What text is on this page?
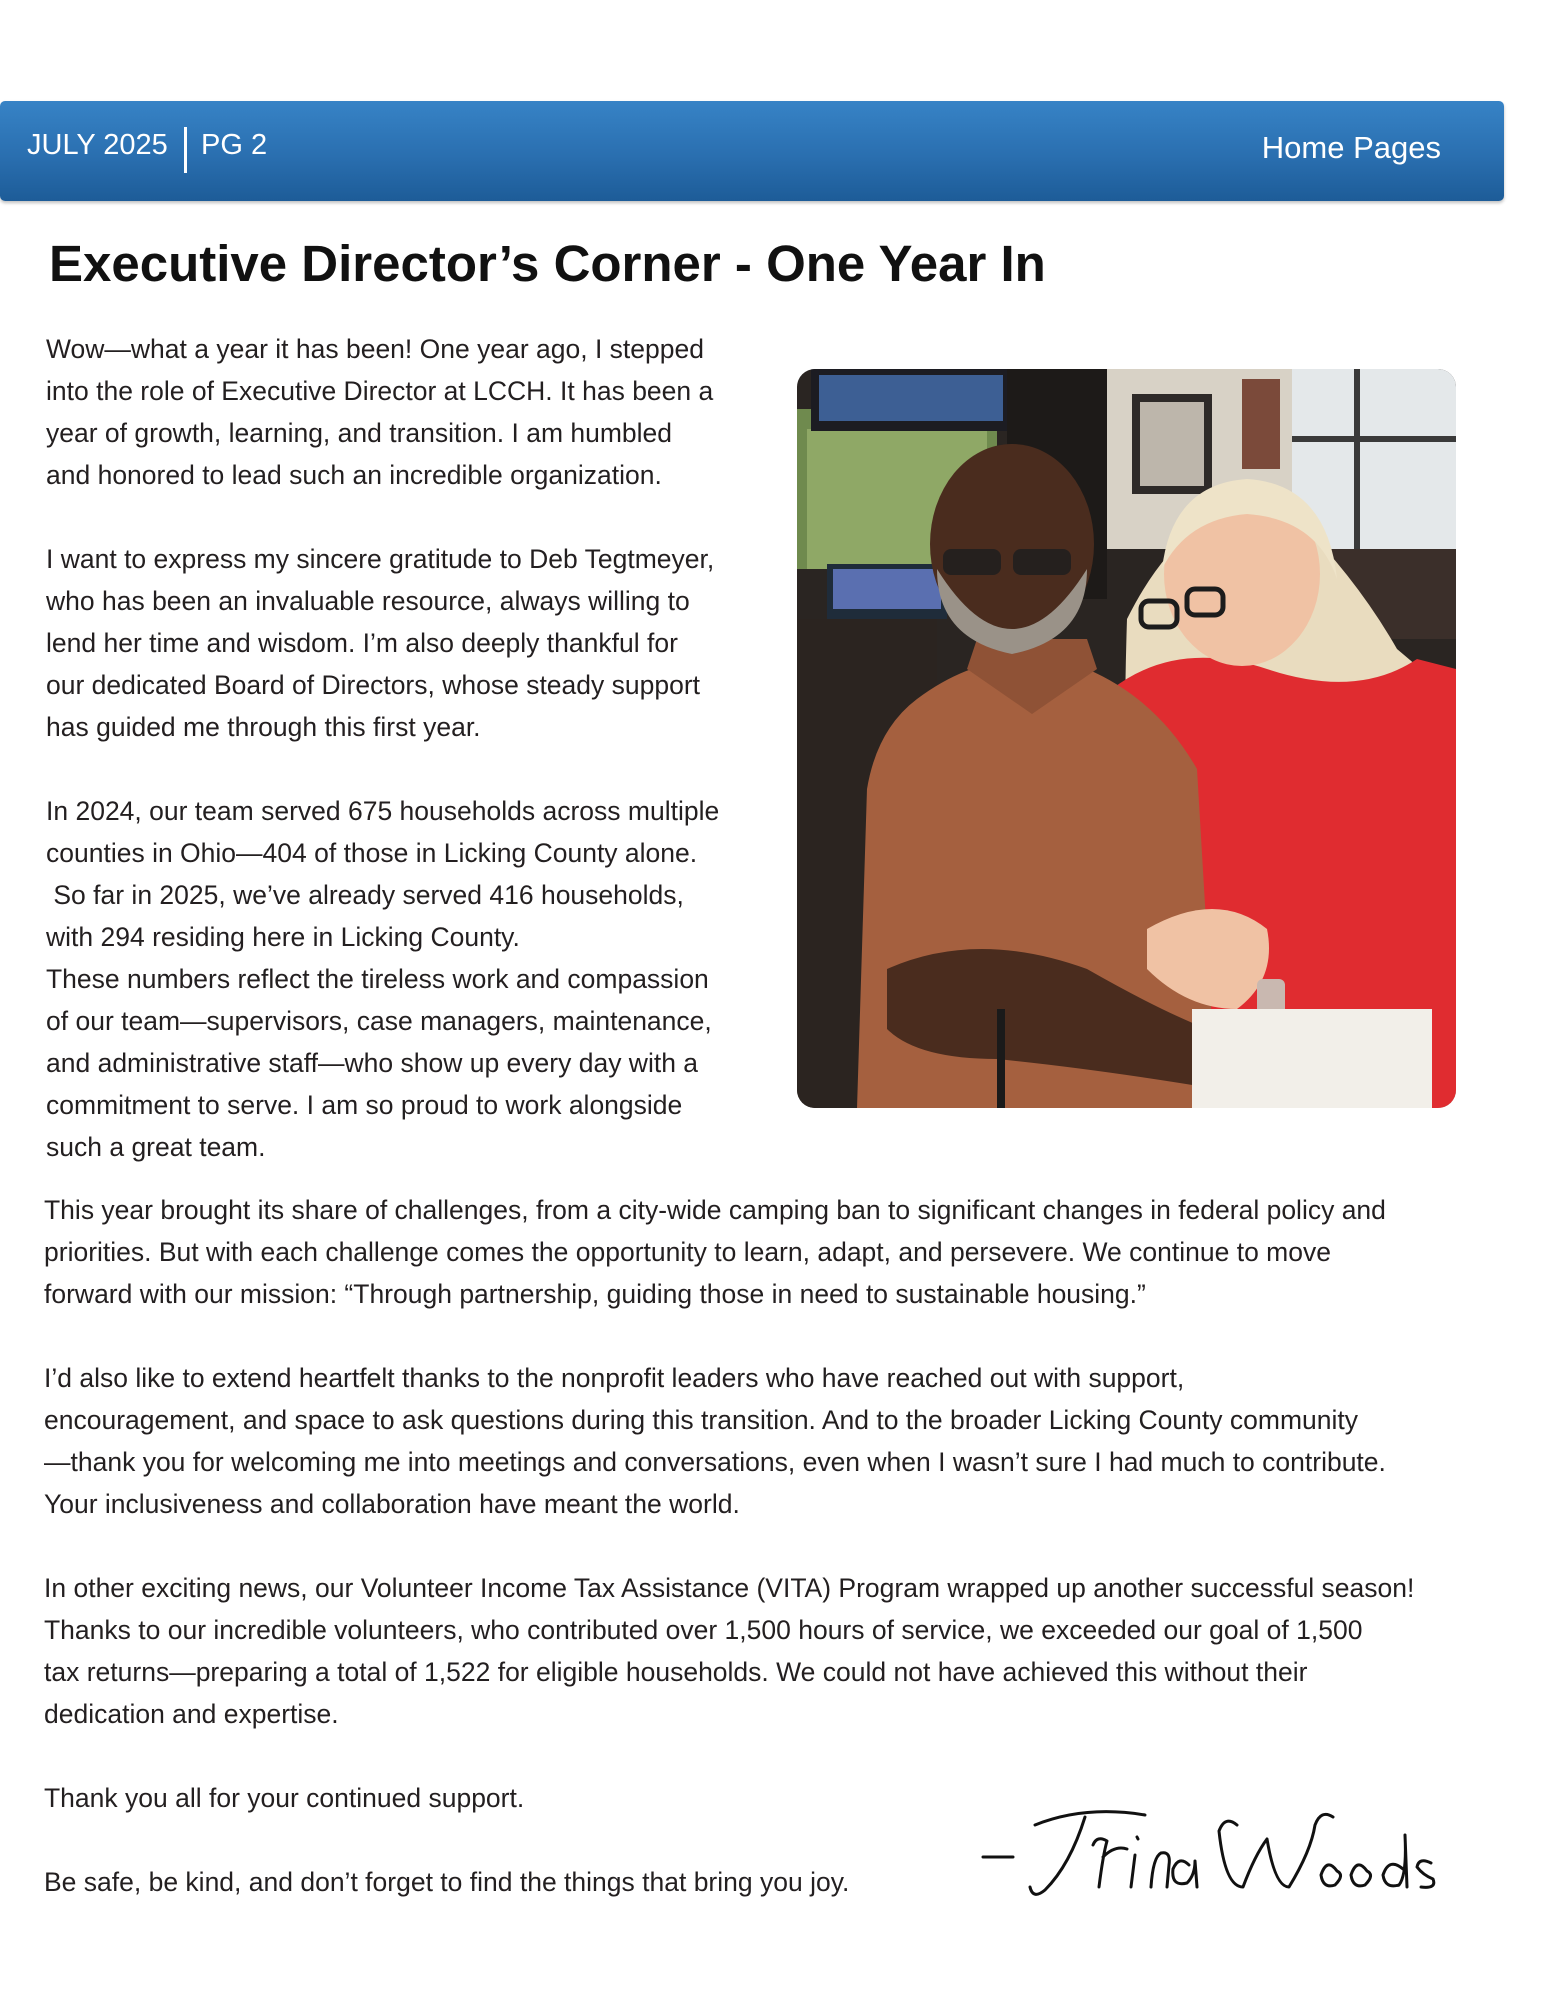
JULY 2025 PG 2	Home Pages
Executive Director’s Corner - One Year In

Wow—what a year it has been! One year ago, I stepped
into the role of Executive Director at LCCH. It has been a
year of growth, learning, and transition. I am humbled
and honored to lead such an incredible organization.

I want to express my sincere gratitude to Deb Tegtmeyer,
who has been an invaluable resource, always willing to
lend her time and wisdom. I’m also deeply thankful for
our dedicated Board of Directors, whose steady support
has guided me through this first year.

In 2024, our team served 675 households across multiple
counties in Ohio—404 of those in Licking County alone.
So far in 2025, we’ve already served 416 households,
with 294 residing here in Licking County.
These numbers reflect the tireless work and compassion
of our team—supervisors, case managers, maintenance,
and administrative staff—who show up every day with a
commitment to serve. I am so proud to work alongside
such a great team.

This year brought its share of challenges, from a city-wide camping ban to significant changes in federal policy and
priorities. But with each challenge comes the opportunity to learn, adapt, and persevere. We continue to move
forward with our mission: “Through partnership, guiding those in need to sustainable housing.”

I’d also like to extend heartfelt thanks to the nonprofit leaders who have reached out with support,
encouragement, and space to ask questions during this transition. And to the broader Licking County community
—thank you for welcoming me into meetings and conversations, even when I wasn’t sure I had much to contribute.
Your inclusiveness and collaboration have meant the world.

In other exciting news, our Volunteer Income Tax Assistance (VITA) Program wrapped up another successful season!
Thanks to our incredible volunteers, who contributed over 1,500 hours of service, we exceeded our goal of 1,500
tax returns—preparing a total of 1,522 for eligible households. We could not have achieved this without their
dedication and expertise.

Thank you all for your continued support.

Be safe, be kind, and don’t forget to find the things that bring you joy.
